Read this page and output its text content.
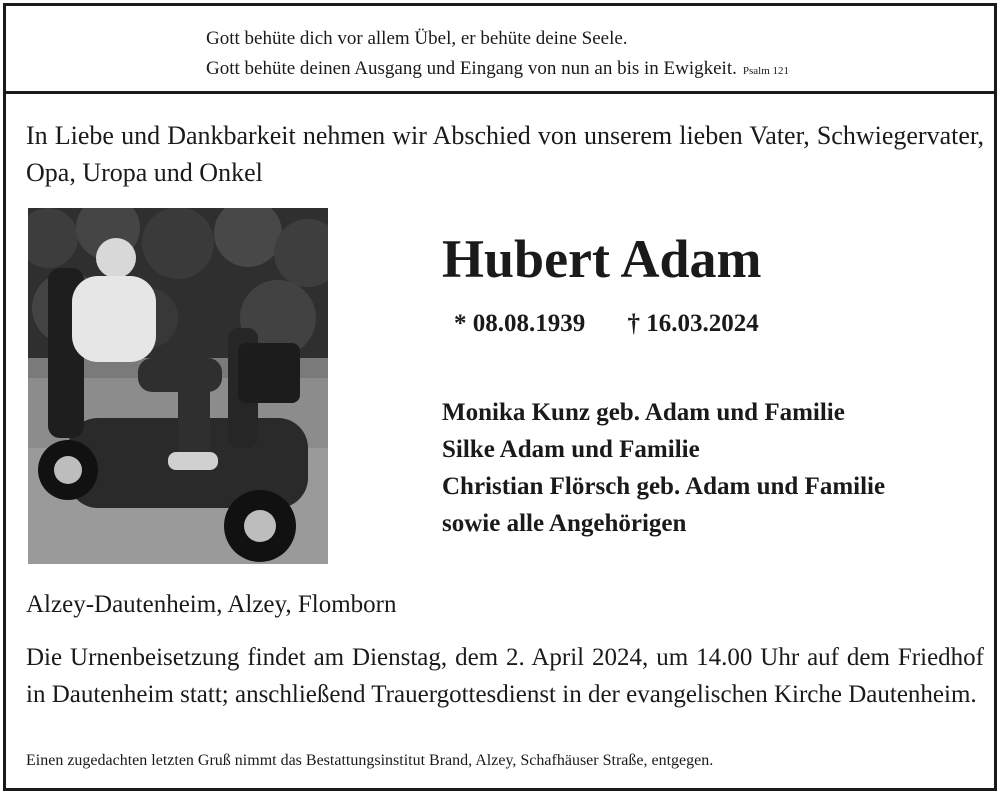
Gott behüte dich vor allem Übel, er behüte deine Seele.
Gott behüte deinen Ausgang und Eingang von nun an bis in Ewigkeit. Psalm 121
In Liebe und Dankbarkeit nehmen wir Abschied von unserem lieben Vater, Schwiegervater, Opa, Uropa und Onkel
Hubert Adam
* 08.08.1939 † 16.03.2024
Monika Kunz geb. Adam und Familie
Silke Adam und Familie
Christian Flörsch geb. Adam und Familie
sowie alle Angehörigen
Alzey-Dautenheim, Alzey, Flomborn
Die Urnenbeisetzung findet am Dienstag, dem 2. April 2024, um 14.00 Uhr auf dem Friedhof in Dautenheim statt; anschließend Trauergottesdienst in der evangelischen Kirche Dautenheim.
Einen zugedachten letzten Gruß nimmt das Bestattungsinstitut Brand, Alzey, Schafhäuser Straße, entgegen.
